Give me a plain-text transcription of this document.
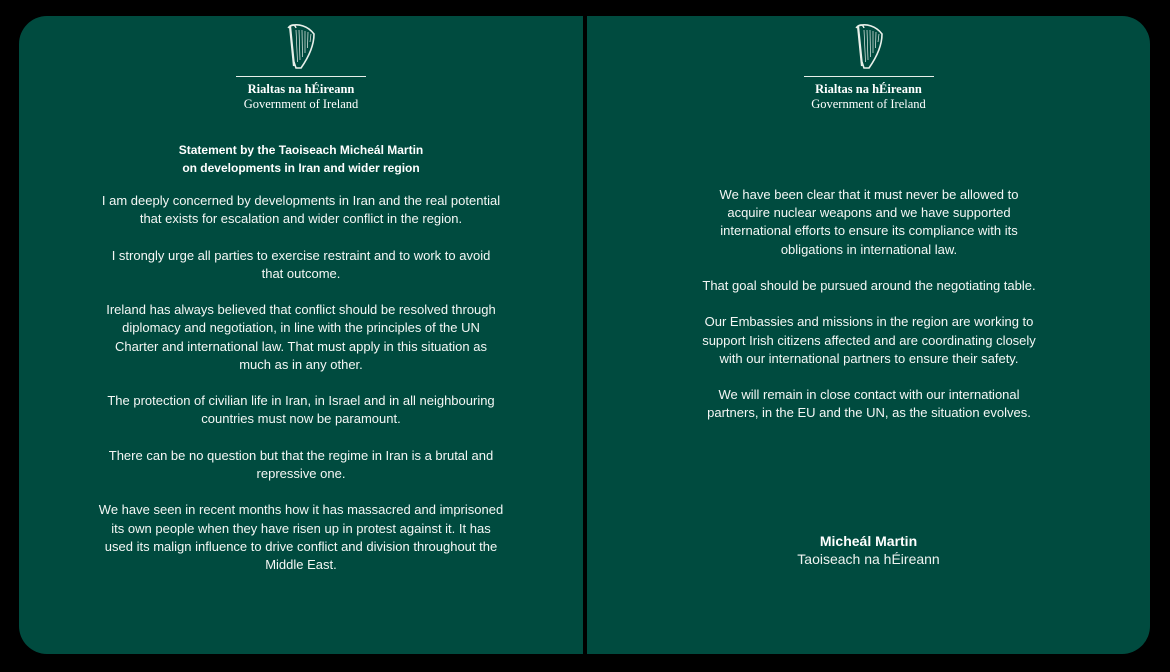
Rialtas na hÉireann
Government of Ireland
Statement by the Taoiseach Micheál Martin
on developments in Iran and wider region
I am deeply concerned by developments in Iran and the real potential
that exists for escalation and wider conflict in the region.
I strongly urge all parties to exercise restraint and to work to avoid
that outcome.
Ireland has always believed that conflict should be resolved through
diplomacy and negotiation, in line with the principles of the UN
Charter and international law. That must apply in this situation as
much as in any other.
The protection of civilian life in Iran, in Israel and in all neighbouring
countries must now be paramount.
There can be no question but that the regime in Iran is a brutal and
repressive one.
We have seen in recent months how it has massacred and imprisoned
its own people when they have risen up in protest against it. It has
used its malign influence to drive conflict and division throughout the
Middle East.
Rialtas na hÉireann
Government of Ireland
We have been clear that it must never be allowed to
acquire nuclear weapons and we have supported
international efforts to ensure its compliance with its
obligations in international law.
That goal should be pursued around the negotiating table.
Our Embassies and missions in the region are working to
support Irish citizens affected and are coordinating closely
with our international partners to ensure their safety.
We will remain in close contact with our international
partners, in the EU and the UN, as the situation evolves.
Micheál Martin
Taoiseach na hÉireann
